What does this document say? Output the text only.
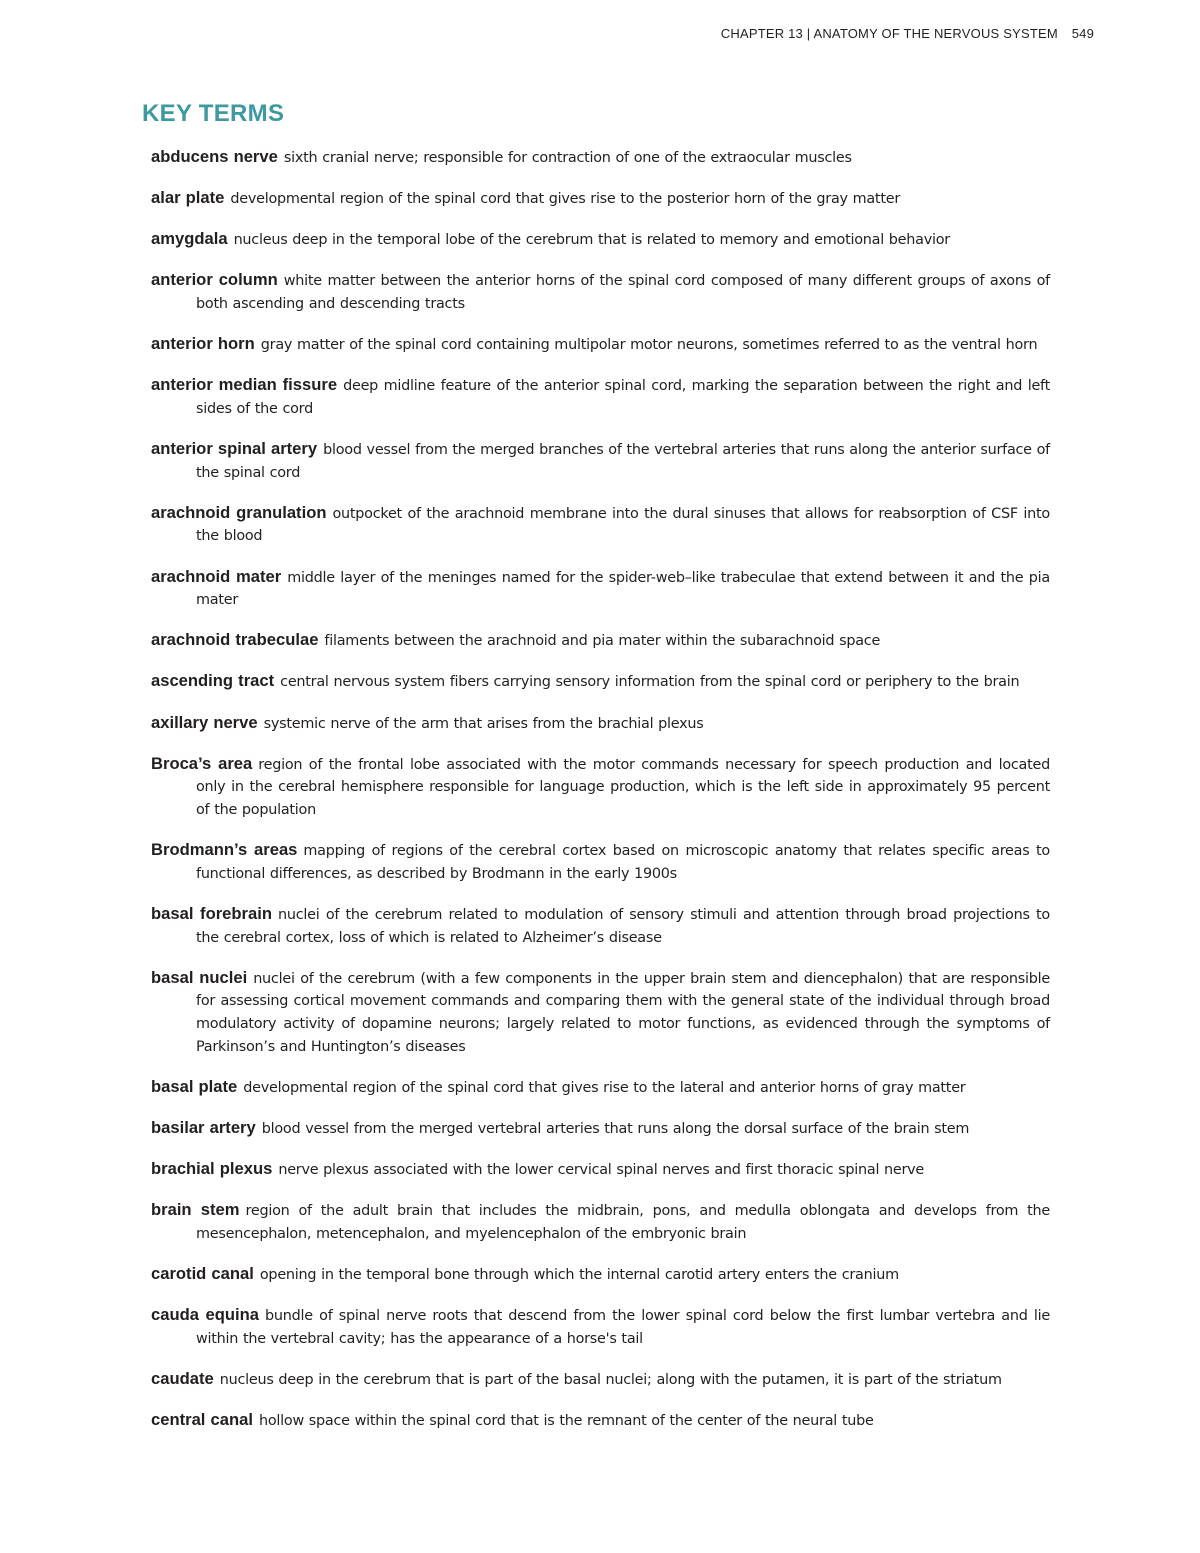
CHAPTER 13 | ANATOMY OF THE NERVOUS SYSTEM 549
KEY TERMS

abducens nerve sixth cranial nerve; responsible for contraction of one of the extraocular muscles

alar plate developmental region of the spinal cord that gives rise to the posterior horn of the gray matter

amygdala nucleus deep in the temporal lobe of the cerebrum that is related to memory and emotional behavior

anterior column white matter between the anterior horns of the spinal cord composed of many different groups of axons of both ascending and descending tracts

anterior horn gray matter of the spinal cord containing multipolar motor neurons, sometimes referred to as the ventral horn

anterior median fissure deep midline feature of the anterior spinal cord, marking the separation between the right and left sides of the cord

anterior spinal artery blood vessel from the merged branches of the vertebral arteries that runs along the anterior surface of the spinal cord

arachnoid granulation outpocket of the arachnoid membrane into the dural sinuses that allows for reabsorption of CSF into the blood

arachnoid mater middle layer of the meninges named for the spider-web–like trabeculae that extend between it and the pia mater

arachnoid trabeculae filaments between the arachnoid and pia mater within the subarachnoid space

ascending tract central nervous system fibers carrying sensory information from the spinal cord or periphery to the brain

axillary nerve systemic nerve of the arm that arises from the brachial plexus

Broca’s area region of the frontal lobe associated with the motor commands necessary for speech production and located only in the cerebral hemisphere responsible for language production, which is the left side in approximately 95 percent of the population

Brodmann’s areas mapping of regions of the cerebral cortex based on microscopic anatomy that relates specific areas to functional differences, as described by Brodmann in the early 1900s

basal forebrain nuclei of the cerebrum related to modulation of sensory stimuli and attention through broad projections to the cerebral cortex, loss of which is related to Alzheimer’s disease

basal nuclei nuclei of the cerebrum (with a few components in the upper brain stem and diencephalon) that are responsible for assessing cortical movement commands and comparing them with the general state of the individual through broad modulatory activity of dopamine neurons; largely related to motor functions, as evidenced through the symptoms of Parkinson’s and Huntington’s diseases

basal plate developmental region of the spinal cord that gives rise to the lateral and anterior horns of gray matter

basilar artery blood vessel from the merged vertebral arteries that runs along the dorsal surface of the brain stem

brachial plexus nerve plexus associated with the lower cervical spinal nerves and first thoracic spinal nerve

brain stem region of the adult brain that includes the midbrain, pons, and medulla oblongata and develops from the mesencephalon, metencephalon, and myelencephalon of the embryonic brain

carotid canal opening in the temporal bone through which the internal carotid artery enters the cranium

cauda equina bundle of spinal nerve roots that descend from the lower spinal cord below the first lumbar vertebra and lie within the vertebral cavity; has the appearance of a horse's tail

caudate nucleus deep in the cerebrum that is part of the basal nuclei; along with the putamen, it is part of the striatum

central canal hollow space within the spinal cord that is the remnant of the center of the neural tube
